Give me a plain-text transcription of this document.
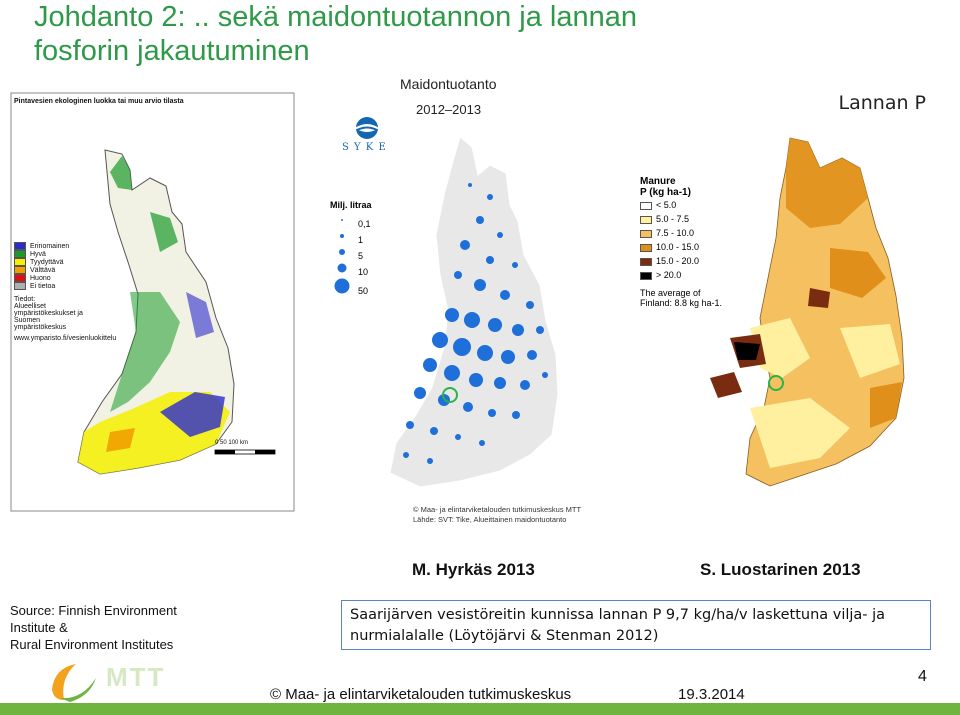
Johdanto 2: .. sekä maidontuotannon ja lannan fosforin jakautuminen
Pintavesien ekologinen luokka tai muu arvio tilasta
Erinomainen
Hyvä
Tyydyttävä
Välttävä
Huono
Ei tietoa
Tiedot:
Alueelliset ympäristökeskukset ja
Suomen ympäristökeskus
www.ymparisto.fi/vesienluokittelu
0 50 100 km
Maidontuotanto
2012–2013
S Y K E
Milj. litraa
0,1
1
5
10
50
© Maa- ja elintarviketalouden tutkimuskeskus MTT
Lähde: SVT: Tike, Alueittainen maidontuotanto
Lannan P
Manure
P (kg ha-1)
< 5.0
5.0 - 7.5
7.5 - 10.0
10.0 - 15.0
15.0 - 20.0
> 20.0
The average of
Finland: 8.8 kg ha-1.
M. Hyrkäs 2013	S. Luostarinen 2013
Source: Finnish Environment
Institute &
Rural Environment Institutes
Saarijärven vesistöreitin kunnissa lannan P 9,7 kg/ha/v laskettuna vilja- ja nurmialalalle (Löytöjärvi & Stenman 2012)
MTT
© Maa- ja elintarviketalouden tutkimuskeskus	19.3.2014
4
